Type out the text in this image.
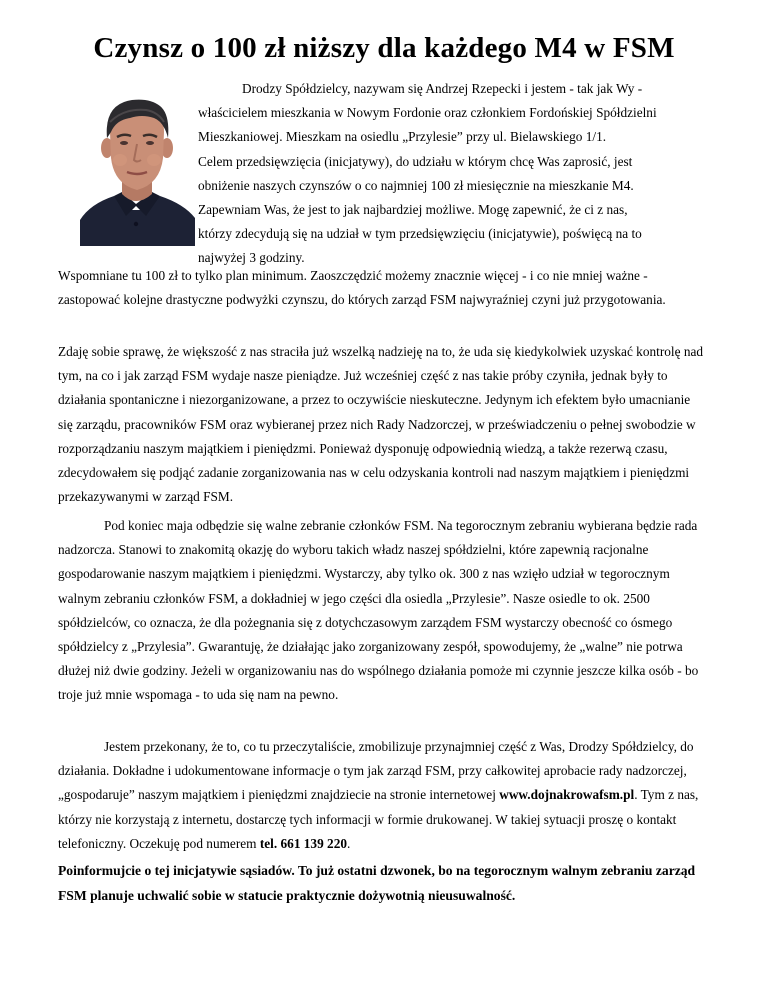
Czynsz o 100 zł niższy dla każdego M4 w FSM

Drodzy Spółdzielcy, nazywam się Andrzej Rzepecki i jestem - tak jak Wy -

właścicielem mieszkania w Nowym Fordonie oraz członkiem Fordońskiej Spółdzielni

Mieszkaniowej. Mieszkam na osiedlu „Przylesie” przy ul. Bielawskiego 1/1.

Celem przedsięwzięcia (inicjatywy), do udziału w którym chcę Was zaprosić, jest

obniżenie naszych czynszów o co najmniej 100 zł miesięcznie na mieszkanie M4.

Zapewniam Was, że jest to jak najbardziej możliwe. Mogę zapewnić, że ci z nas,

którzy zdecydują się na udział w tym przedsięwzięciu (inicjatywie), poświęcą na to

najwyżej 3 godziny.

Wspomniane tu 100 zł to tylko plan minimum. Zaoszczędzić możemy znacznie więcej - i co nie mniej ważne - zastopować kolejne drastyczne podwyżki czynszu, do których zarząd FSM najwyraźniej czyni już przygotowania.

Zdaję sobie sprawę, że większość z nas straciła już wszelką nadzieję na to, że uda się kiedykolwiek uzyskać kontrolę nad tym, na co i jak zarząd FSM wydaje nasze pieniądze. Już wcześniej część z nas takie próby czyniła, jednak były to działania spontaniczne i niezorganizowane, a przez to oczywiście nieskuteczne. Jedynym ich efektem było umacnianie się zarządu, pracowników FSM oraz wybieranej przez nich Rady Nadzorczej, w przeświadczeniu o pełnej swobodzie w rozporządzaniu naszym majątkiem i pieniędzmi. Ponieważ dysponuję odpowiednią wiedzą, a także rezerwą czasu, zdecydowałem się podjąć zadanie zorganizowania nas w celu odzyskania kontroli nad naszym majątkiem i pieniędzmi przekazywanymi w zarząd FSM.

Pod koniec maja odbędzie się walne zebranie członków FSM. Na tegorocznym zebraniu wybierana będzie rada nadzorcza. Stanowi to znakomitą okazję do wyboru takich władz naszej spółdzielni, które zapewnią racjonalne gospodarowanie naszym majątkiem i pieniędzmi. Wystarczy, aby tylko ok. 300 z nas wzięło udział w tegorocznym walnym zebraniu członków FSM, a dokładniej w jego części dla osiedla „Przylesie”. Nasze osiedle to ok. 2500 spółdzielców, co oznacza, że dla pożegnania się z dotychczasowym zarządem FSM wystarczy obecność co ósmego spółdzielcy z „Przylesia”. Gwarantuję, że działając jako zorganizowany zespół, spowodujemy, że „walne” nie potrwa dłużej niż dwie godziny. Jeżeli w organizowaniu nas do wspólnego działania pomoże mi czynnie jeszcze kilka osób - bo troje już mnie wspomaga - to uda się nam na pewno.

Jestem przekonany, że to, co tu przeczytaliście, zmobilizuje przynajmniej część z Was, Drodzy Spółdzielcy, do działania. Dokładne i udokumentowane informacje o tym jak zarząd FSM, przy całkowitej aprobacie rady nadzorczej, „gospodaruje” naszym majątkiem i pieniędzmi znajdziecie na stronie internetowej www.dojnakrowafsm.pl. Tym z nas, którzy nie korzystają z internetu, dostarczę tych informacji w formie drukowanej. W takiej sytuacji proszę o kontakt telefoniczny. Oczekuję pod numerem tel. 661 139 220.

Poinformujcie o tej inicjatywie sąsiadów. To już ostatni dzwonek, bo na tegorocznym walnym zebraniu zarząd FSM planuje uchwalić sobie w statucie praktycznie dożywotnią nieusuwalność.
